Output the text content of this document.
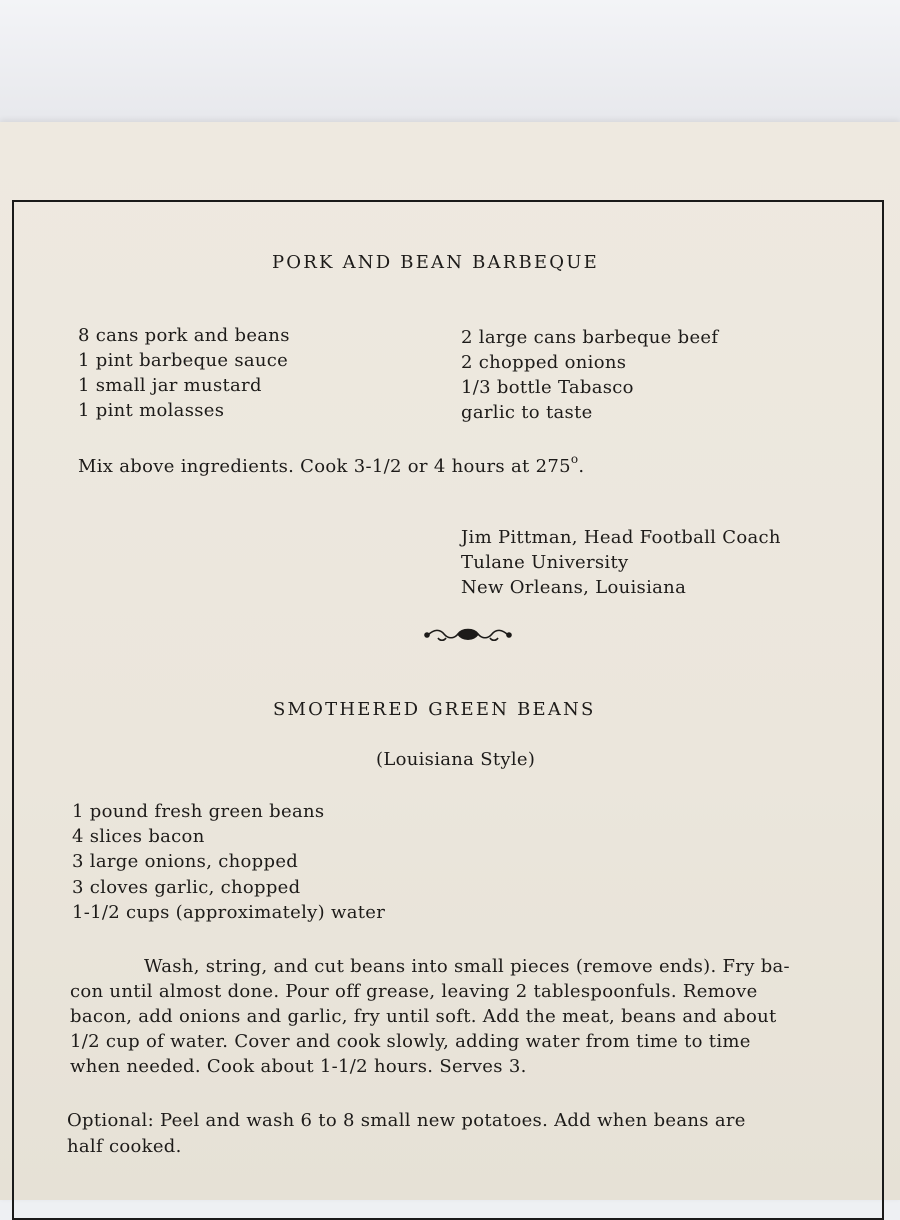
PORK AND BEAN BARBEQUE
8 cans pork and beans
1 pint barbeque sauce
1 small jar mustard
1 pint molasses
2 large cans barbeque beef
2 chopped onions
1/3 bottle Tabasco
garlic to taste
Mix above ingredients. Cook 3-1/2 or 4 hours at 275$^o$.
Jim Pittman, Head Football Coach
Tulane University
New Orleans, Louisiana
SMOTHERED GREEN BEANS
(Louisiana Style)
1 pound fresh green beans
4 slices bacon
3 large onions, chopped
3 cloves garlic, chopped
1-1/2 cups (approximately) water
Wash, string, and cut beans into small pieces (remove ends). Fry ba-
con until almost done. Pour off grease, leaving 2 tablespoonfuls. Remove
bacon, add onions and garlic, fry until soft. Add the meat, beans and about
1/2 cup of water. Cover and cook slowly, adding water from time to time
when needed. Cook about 1-1/2 hours. Serves 3.
Optional: Peel and wash 6 to 8 small new potatoes. Add when beans are
half cooked.
